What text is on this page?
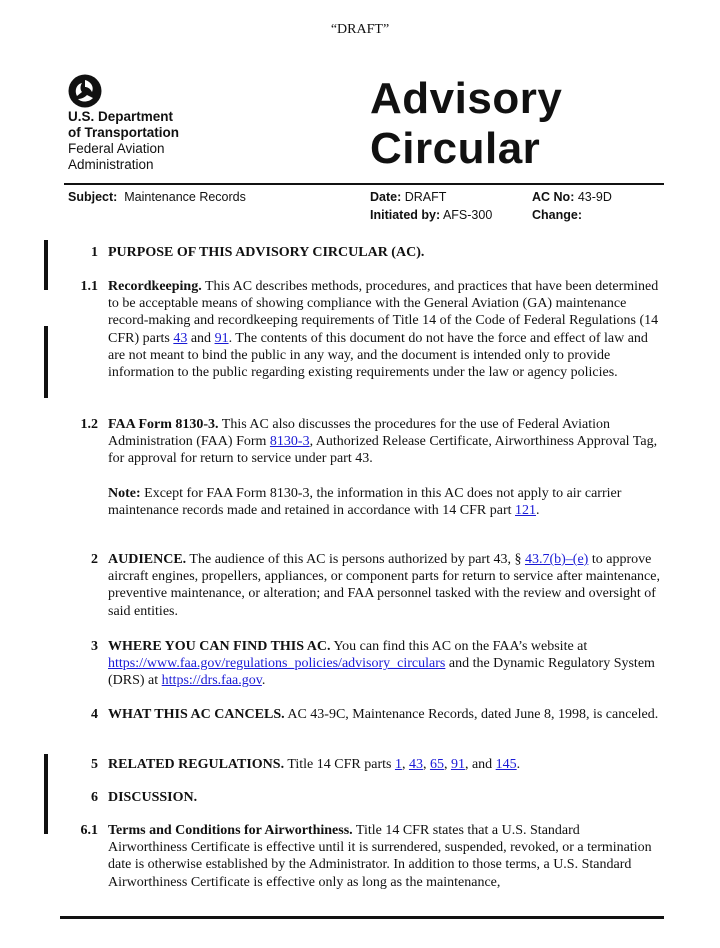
“DRAFT”
U.S. Department
of Transportation
Federal Aviation
Administration
Advisory
Circular
Subject: Maintenance Records	Date: DRAFT
Initiated by: AFS-300
AC No: 43-9D
Change:
1 PURPOSE OF THIS ADVISORY CIRCULAR (AC).
1.1 Recordkeeping. This AC describes methods, procedures, and practices that have been determined to be acceptable means of showing compliance with the General Aviation (GA) maintenance record-making and recordkeeping requirements of Title 14 of the Code of Federal Regulations (14 CFR) parts 43 and 91. The contents of this document do not have the force and effect of law and are not meant to bind the public in any way, and the document is intended only to provide information to the public regarding existing requirements under the law or agency policies.
1.2 FAA Form 8130-3. This AC also discusses the procedures for the use of Federal Aviation Administration (FAA) Form 8130-3, Authorized Release Certificate, Airworthiness Approval Tag, for approval for return to service under part 43.
Note: Except for FAA Form 8130-3, the information in this AC does not apply to air carrier maintenance records made and retained in accordance with 14 CFR part 121.
2 AUDIENCE. The audience of this AC is persons authorized by part 43, § 43.7(b)–(e) to approve aircraft engines, propellers, appliances, or component parts for return to service after maintenance, preventive maintenance, or alteration; and FAA personnel tasked with the review and oversight of said entities.
3 WHERE YOU CAN FIND THIS AC. You can find this AC on the FAA’s website at https://www.faa.gov/regulations_policies/advisory_circulars and the Dynamic Regulatory System (DRS) at https://drs.faa.gov.
4 WHAT THIS AC CANCELS. AC 43-9C, Maintenance Records, dated June 8, 1998, is canceled.
5 RELATED REGULATIONS. Title 14 CFR parts 1, 43, 65, 91, and 145.
6 DISCUSSION.
6.1 Terms and Conditions for Airworthiness. Title 14 CFR states that a U.S. Standard Airworthiness Certificate is effective until it is surrendered, suspended, revoked, or a termination date is otherwise established by the Administrator. In addition to those terms, a U.S. Standard Airworthiness Certificate is effective only as long as the maintenance,
